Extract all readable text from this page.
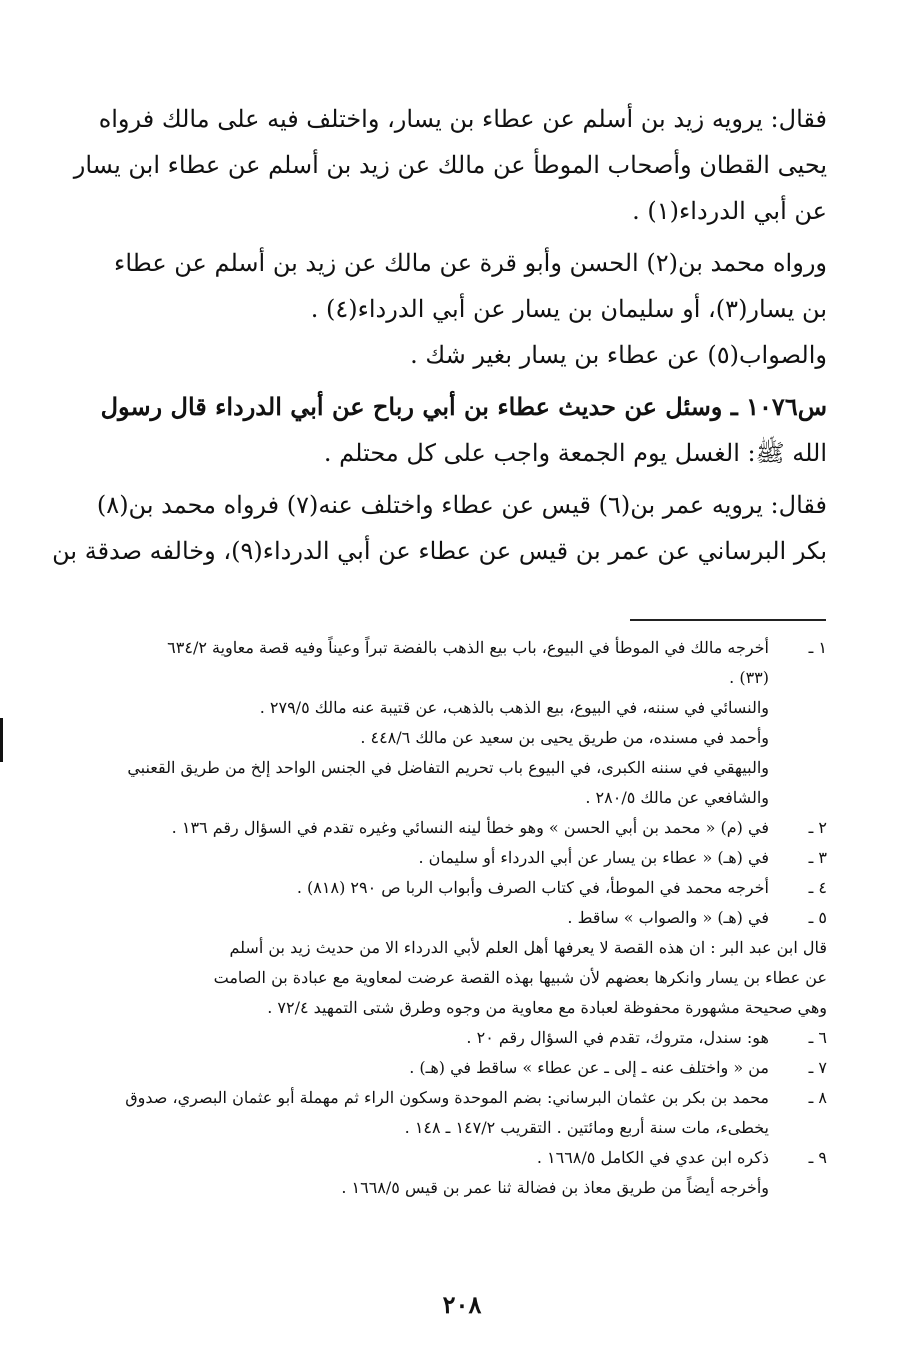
فقال: يرويه زيد بن أسلم عن عطاء بن يسار، واختلف فيه على مالك فرواه
يحيى القطان وأصحاب الموطأ عن مالك عن زيد بن أسلم عن عطاء ابن يسار
عن أبي الدرداء(١) .

ورواه محمد بن(٢) الحسن وأبو قرة عن مالك عن زيد بن أسلم عن عطاء
بن يسار(٣)، أو سليمان بن يسار عن أبي الدرداء(٤) .
والصواب(٥) عن عطاء بن يسار بغير شك .

س١٠٧٦ ـ وسئل عن حديث عطاء بن أبي رباح عن أبي الدرداء قال رسول
الله ﷺ: الغسل يوم الجمعة واجب على كل محتلم .

فقال: يرويه عمر بن(٦) قيس عن عطاء واختلف عنه(٧) فرواه محمد بن(٨)
بكر البرساني عن عمر بن قيس عن عطاء عن أبي الدرداء(٩)، وخالفه صدقة بن

١ ـ
أخرجه مالك في الموطأ في البيوع، باب بيع الذهب بالفضة تبراً وعيناً وفيه قصة معاوية ٦٣٤/٢
(٣٣) .
والنسائي في سننه، في البيوع، بيع الذهب بالذهب، عن قتيبة عنه مالك ٢٧٩/٥ .
وأحمد في مسنده، من طريق يحيى بن سعيد عن مالك ٤٤٨/٦ .
والبيهقي في سننه الكبرى، في البيوع باب تحريم التفاضل في الجنس الواحد إلخ من طريق القعنبي
والشافعي عن مالك ٢٨٠/٥ .
٢ ـ
في (م) « محمد بن أبي الحسن » وهو خطأ لينه النسائي وغيره تقدم في السؤال رقم ١٣٦ .
٣ ـ
في (هـ) « عطاء بن يسار عن أبي الدرداء أو سليمان .
٤ ـ
أخرجه محمد في الموطأ، في كتاب الصرف وأبواب الربا ص ٢٩٠ (٨١٨) .
٥ ـ
في (هـ) « والصواب » ساقط .
قال ابن عبد البر : ان هذه القصة لا يعرفها أهل العلم لأبي الدرداء الا من حديث زيد بن أسلم
عن عطاء بن يسار وانكرها بعضهم لأن شبيها بهذه القصة عرضت لمعاوية مع عبادة بن الصامت
وهي صحيحة مشهورة محفوظة لعبادة مع معاوية من وجوه وطرق شتى التمهيد ٧٢/٤ .
٦ ـ
هو: سندل، متروك، تقدم في السؤال رقم ٢٠ .
٧ ـ
من « واختلف عنه ـ إلى ـ عن عطاء » ساقط في (هـ) .
٨ ـ
محمد بن بكر بن عثمان البرساني: بضم الموحدة وسكون الراء ثم مهملة أبو عثمان البصري، صدوق
يخطىء، مات سنة أربع ومائتين . التقريب ١٤٧/٢ ـ ١٤٨ .
٩ ـ
ذكره ابن عدي في الكامل ١٦٦٨/٥ .
وأخرجه أيضاً من طريق معاذ بن فضالة ثنا عمر بن قيس ١٦٦٨/٥ .
٢٠٨
